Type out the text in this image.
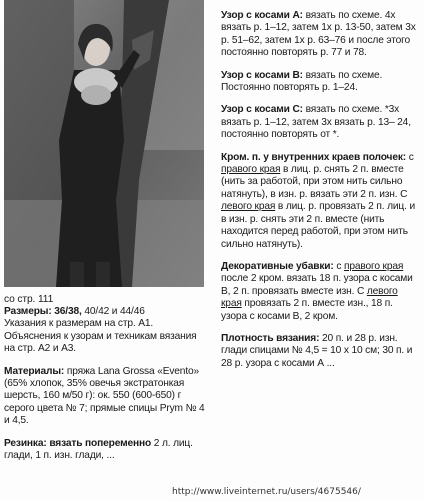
со стр. 111

Размеры: 36/38, 40/42 и 44/46
Указания к размерам на стр. А1. Объяснения к узорам и техникам вязания на стр. А2 и А3.

Материалы: пряжа Lana Grossa «Evento» (65% хлопок, 35% овечья экстратонкая шерсть, 160 м/50 г): ок. 550 (600-650) г серого цвета № 7; прямые спицы Prym № 4 и 4,5.

Резинка: вязать попеременно 2 л. лиц. глади, 1 п. изн. глади, ...

Узор с косами А: вязать по схеме. 4х вязать р. 1–12, затем 1х р. 13-50, затем 3х р. 51–62, затем 1х р. 63–76 и после этого постоянно повторять р. 77 и 78.

Узор с косами В: вязать по схеме. Постоянно повторять р. 1–24.

Узор с косами С: вязать по схеме. *3х вязать р. 1–12, затем 3х вязать р. 13– 24, постоянно повторять от *.

Кром. п. у внутренних краев полочек: с правого края в лиц. р. снять 2 п. вместе (нить за работой, при этом нить сильно натянуть), в изн. р. вязать эти 2 п. изн. С левого края в лиц. р. провязать 2 п. лиц. и в изн. р. снять эти 2 п. вместе (нить находится перед работой, при этом нить сильно натянуть).

Декоративные убавки: с правого края после 2 кром. вязать 18 п. узора с косами В, 2 п. провязать вместе изн. С левого края провязать 2 п. вместе изн., 18 п. узора с косами В, 2 кром.

Плотность вязания: 20 п. и 28 р. изн. глади спицами № 4,5 = 10 х 10 см; 30 п. и 28 р. узора с косами А ...

http://www.liveinternet.ru/users/4675546/
